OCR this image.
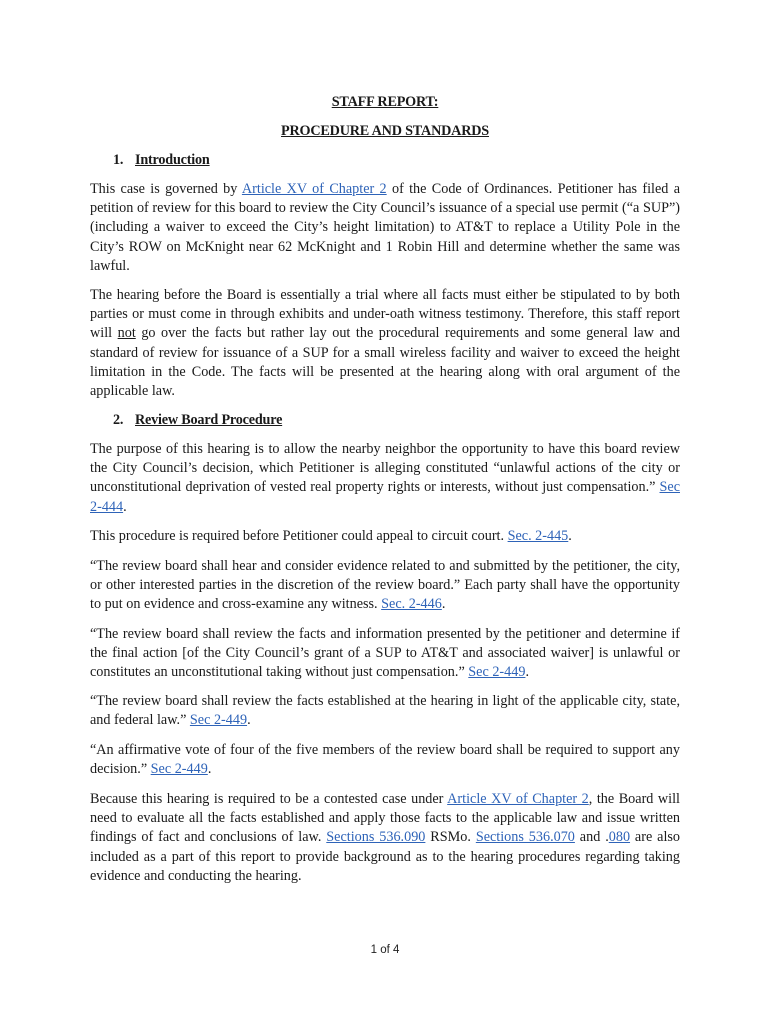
STAFF REPORT:
PROCEDURE AND STANDARDS
1. Introduction

This case is governed by Article XV of Chapter 2 of the Code of Ordinances. Petitioner has filed a petition of review for this board to review the City Council’s issuance of a special use permit (“a SUP”) (including a waiver to exceed the City’s height limitation) to AT&T to replace a Utility Pole in the City’s ROW on McKnight near 62 McKnight and 1 Robin Hill and determine whether the same was lawful.

The hearing before the Board is essentially a trial where all facts must either be stipulated to by both parties or must come in through exhibits and under-oath witness testimony. Therefore, this staff report will not go over the facts but rather lay out the procedural requirements and some general law and standard of review for issuance of a SUP for a small wireless facility and waiver to exceed the height limitation in the Code. The facts will be presented at the hearing along with oral argument of the applicable law.

2. Review Board Procedure

The purpose of this hearing is to allow the nearby neighbor the opportunity to have this board review the City Council’s decision, which Petitioner is alleging constituted “unlawful actions of the city or unconstitutional deprivation of vested real property rights or interests, without just compensation.” Sec 2-444.

This procedure is required before Petitioner could appeal to circuit court. Sec. 2-445.

“The review board shall hear and consider evidence related to and submitted by the petitioner, the city, or other interested parties in the discretion of the review board.” Each party shall have the opportunity to put on evidence and cross-examine any witness. Sec. 2-446.

“The review board shall review the facts and information presented by the petitioner and determine if the final action [of the City Council’s grant of a SUP to AT&T and associated waiver] is unlawful or constitutes an unconstitutional taking without just compensation.” Sec 2-449.

“The review board shall review the facts established at the hearing in light of the applicable city, state, and federal law.” Sec 2-449.

“An affirmative vote of four of the five members of the review board shall be required to support any decision.” Sec 2-449.

Because this hearing is required to be a contested case under Article XV of Chapter 2, the Board will need to evaluate all the facts established and apply those facts to the applicable law and issue written findings of fact and conclusions of law. Sections 536.090 RSMo. Sections 536.070 and .080 are also included as a part of this report to provide background as to the hearing procedures regarding taking evidence and conducting the hearing.

1 of 4
